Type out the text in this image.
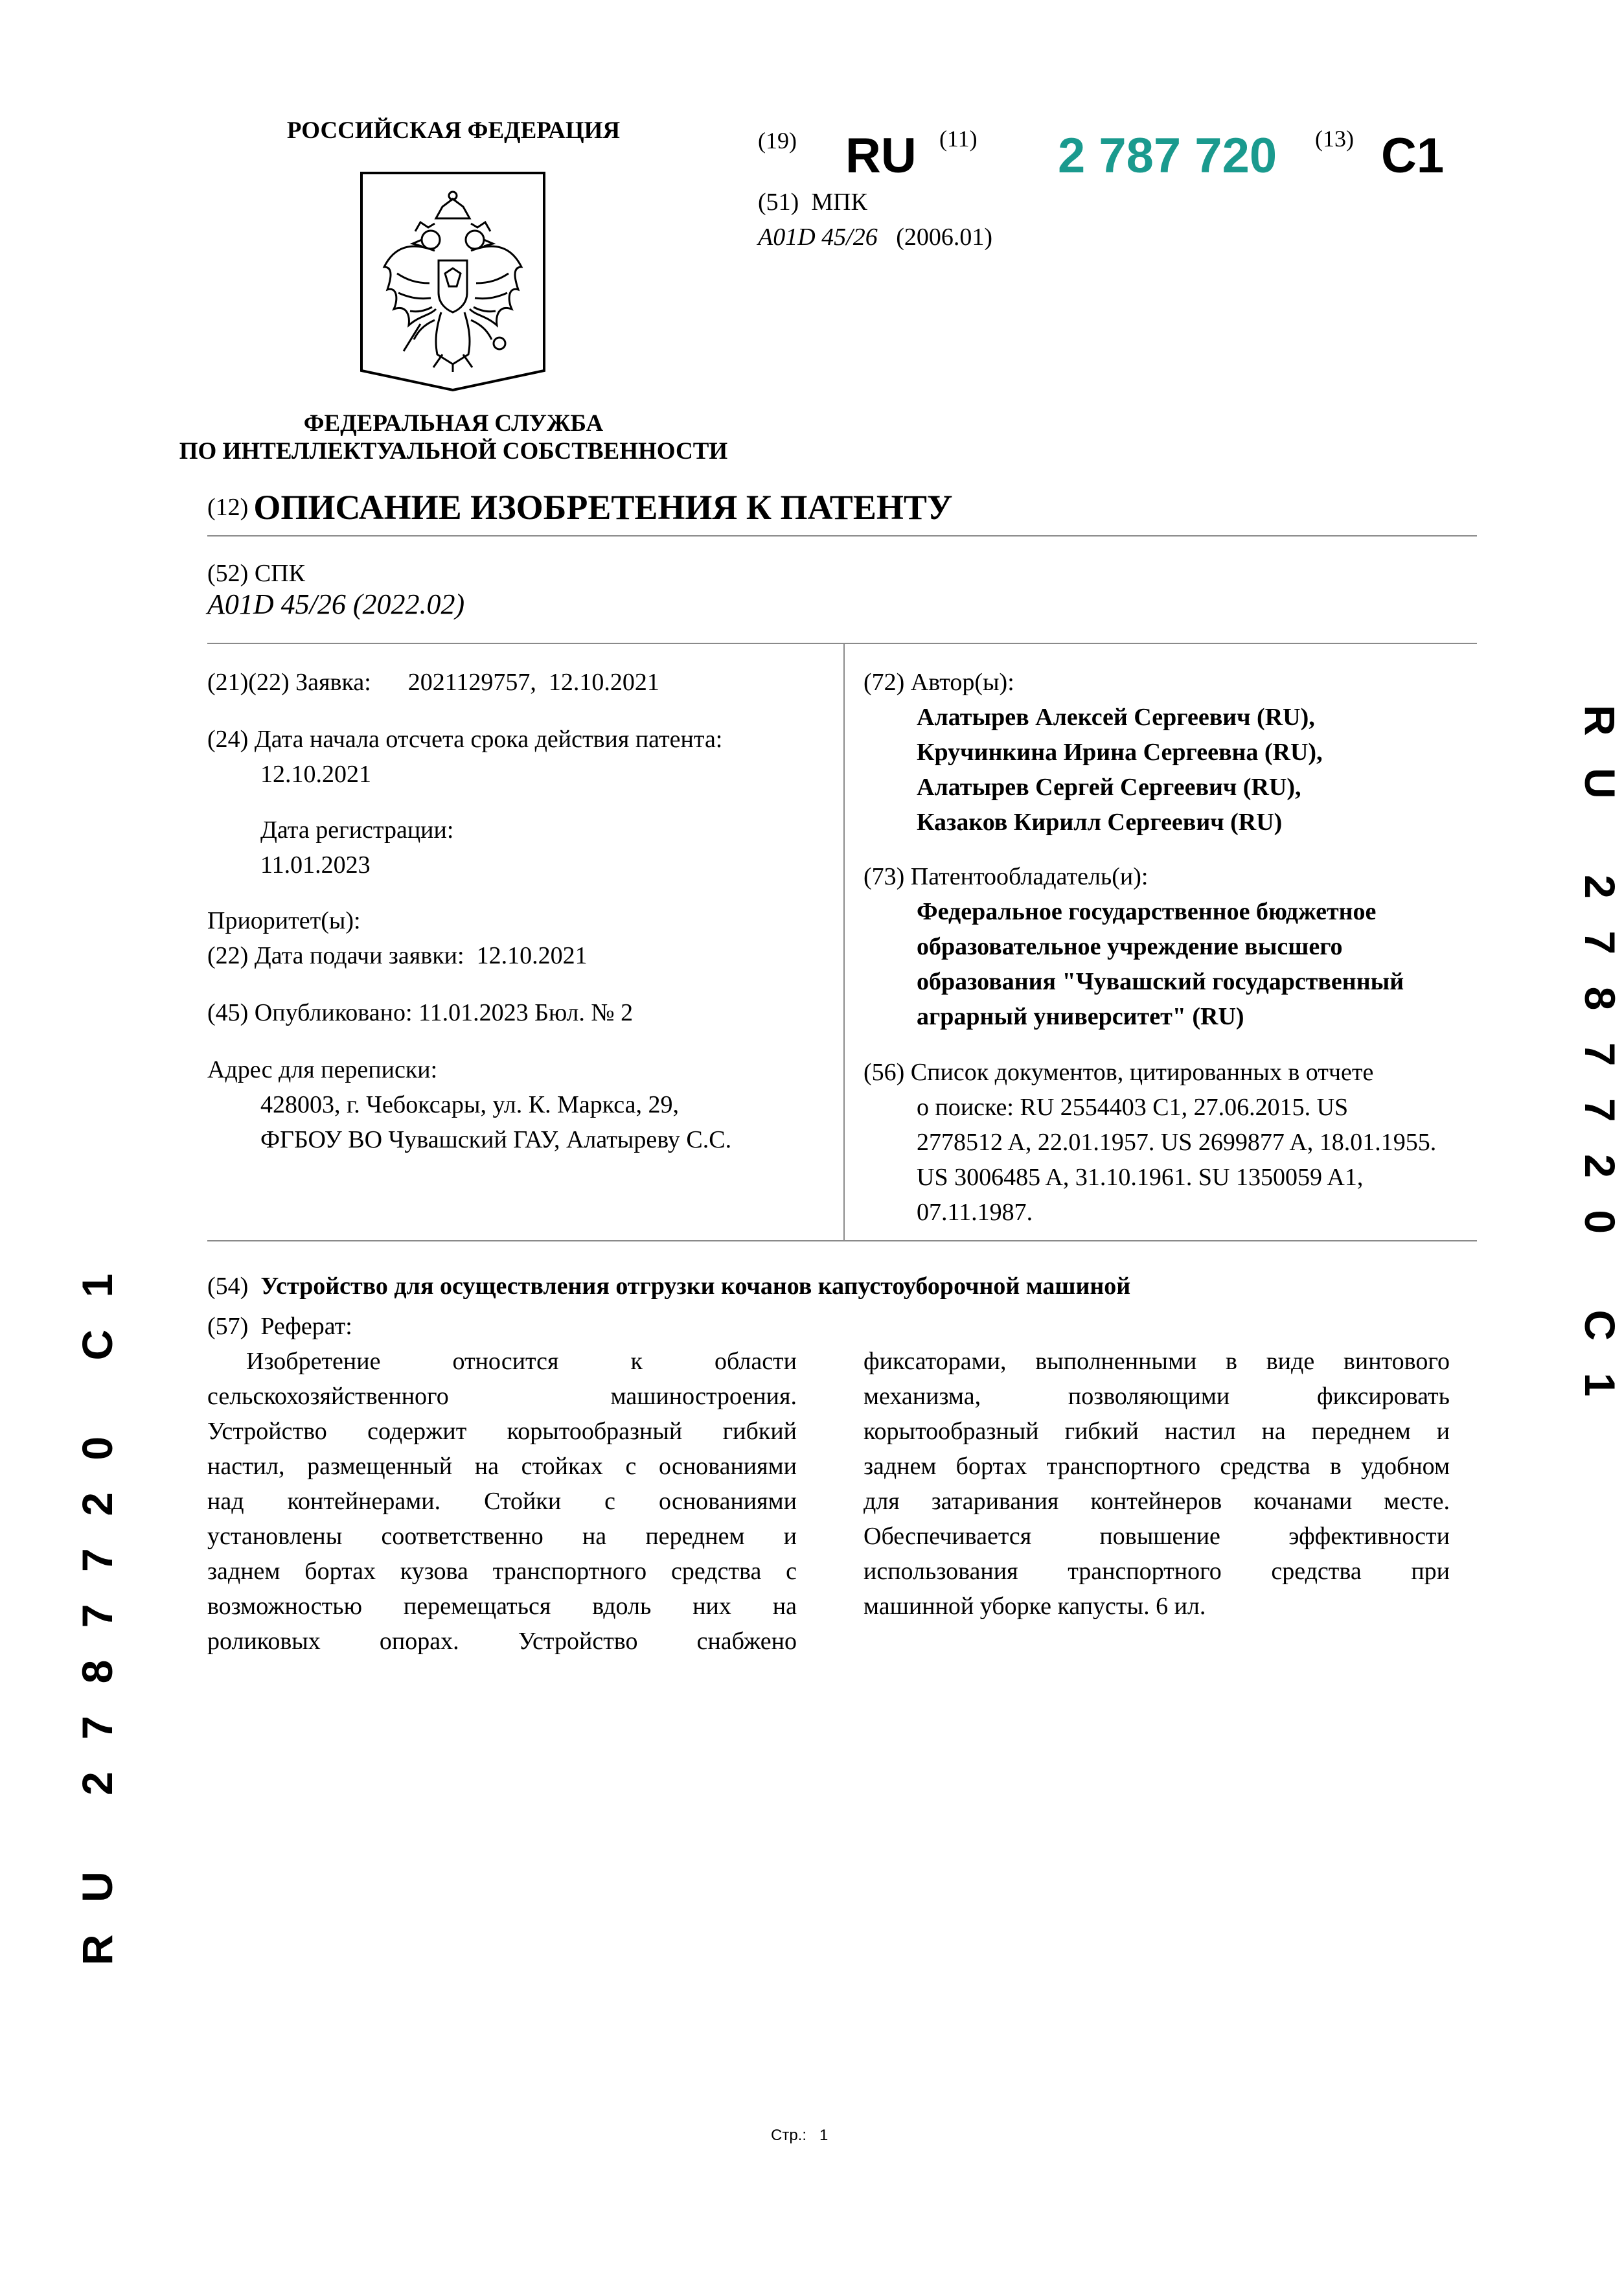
РОССИЙСКАЯ ФЕДЕРАЦИЯ
ФЕДЕРАЛЬНАЯ СЛУЖБА
ПО ИНТЕЛЛЕКТУАЛЬНОЙ СОБСТВЕННОСТИ
(19) RU (11) 2 787 720 (13) C1
(51) МПК
A01D 45/26 (2006.01)
(12) ОПИСАНИЕ ИЗОБРЕТЕНИЯ К ПАТЕНТУ
(52) СПК
A01D 45/26 (2022.02)
(21)(22) Заявка: 2021129757,  12.10.2021
(24) Дата начала отсчета срока действия патента:
12.10.2021
Дата регистрации:
11.01.2023
Приоритет(ы):
(22) Дата подачи заявки: 12.10.2021
(45) Опубликовано: 11.01.2023 Бюл. № 2
Адрес для переписки:
428003, г. Чебоксары, ул. К. Маркса, 29,
ФГБОУ ВО Чувашский ГАУ, Алатыреву С.С.
(72) Автор(ы):
Алатырев Алексей Сергеевич (RU),
Кручинкина Ирина Сергеевна (RU),
Алатырев Сергей Сергеевич (RU),
Казаков Кирилл Сергеевич (RU)
(73) Патентообладатель(и):
Федеральное государственное бюджетное
образовательное учреждение высшего
образования "Чувашский государственный
аграрный университет" (RU)
(56) Список документов, цитированных в отчете
о поиске: RU 2554403 C1, 27.06.2015. US
2778512 A, 22.01.1957. US 2699877 A, 18.01.1955.
US 3006485 A, 31.10.1961. SU 1350059 A1,
07.11.1987.
(54) Устройство для осуществления отгрузки кочанов капустоуборочной машиной
(57) Реферат:
Изобретение относится к области
сельскохозяйственного машиностроения.
Устройство содержит корытообразный гибкий
настил, размещенный на стойках с основаниями
над контейнерами. Стойки с основаниями
установлены соответственно на переднем и
заднем бортах кузова транспортного средства с
возможностью перемещаться вдоль них на
роликовых опорах. Устройство снабжено
фиксаторами, выполненными в виде винтового
механизма, позволяющими фиксировать
корытообразный гибкий настил на переднем и
заднем бортах транспортного средства в удобном
для затаривания контейнеров кочанами месте.
Обеспечивается повышение эффективности
использования транспортного средства при
машинной уборке капусты. 6 ил.
RU 2787720 C1
RU 2787720 C1
Стр.: 1
